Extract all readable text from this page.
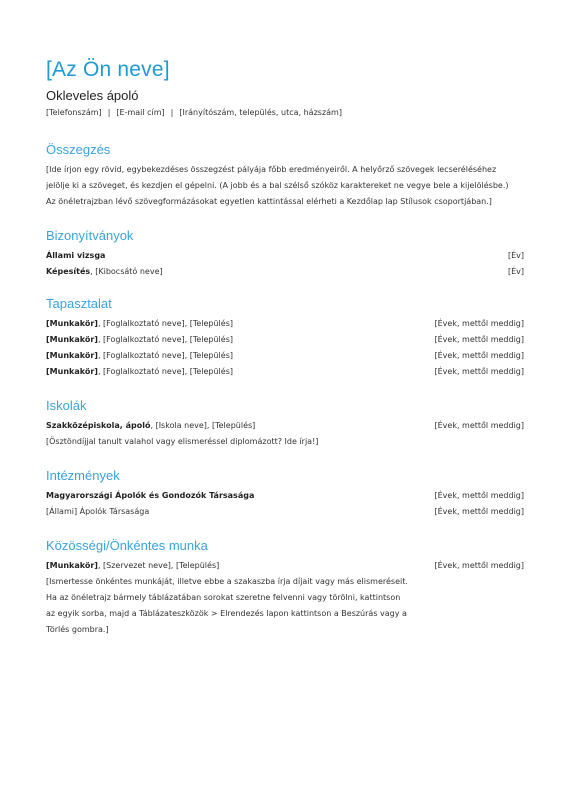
[Az Ön neve]
Okleveles ápoló
[Telefonszám] | [E-mail cím] | [Irányítószám, település, utca, házszám]
Összegzés
[Ide írjon egy rövid, egybekezdéses összegzést pályája főbb eredményeiről. A helyőrző szövegek lecseréléséhez
jelölje ki a szöveget, és kezdjen el gépelni. (A jobb és a bal szélső szóköz karaktereket ne vegye bele a kijelölésbe.)
Az önéletrajzban lévő szövegformázásokat egyetlen kattintással elérheti a Kezdőlap lap Stílusok csoportjában.]
Bizonyítványok
Állami vizsga	[Év]
Képesítés, [Kibocsátó neve]	[Év]
Tapasztalat
[Munkakör], [Foglalkoztató neve], [Település]	[Évek, mettől meddig]
[Munkakör], [Foglalkoztató neve], [Település]	[Évek, mettől meddig]
[Munkakör], [Foglalkoztató neve], [Település]	[Évek, mettől meddig]
[Munkakör], [Foglalkoztató neve], [Település]	[Évek, mettől meddig]
Iskolák
Szakközépiskola, ápoló, [Iskola neve], [Település]	[Évek, mettől meddig]
[Ösztöndíjjal tanult valahol vagy elismeréssel diplomázott? Ide írja!]
Intézmények
Magyarországi Ápolók és Gondozók Társasága	[Évek, mettől meddig]
[Állami] Ápolók Társasága	[Évek, mettől meddig]
Közösségi/Önkéntes munka
[Munkakör], [Szervezet neve], [Település]	[Évek, mettől meddig]
[Ismertesse önkéntes munkáját, illetve ebbe a szakaszba írja díjait vagy más elismeréseit.
Ha az önéletrajz bármely táblázatában sorokat szeretne felvenni vagy törölni, kattintson
az egyik sorba, majd a Táblázateszközök > Elrendezés lapon kattintson a Beszúrás vagy a
Törlés gombra.]
